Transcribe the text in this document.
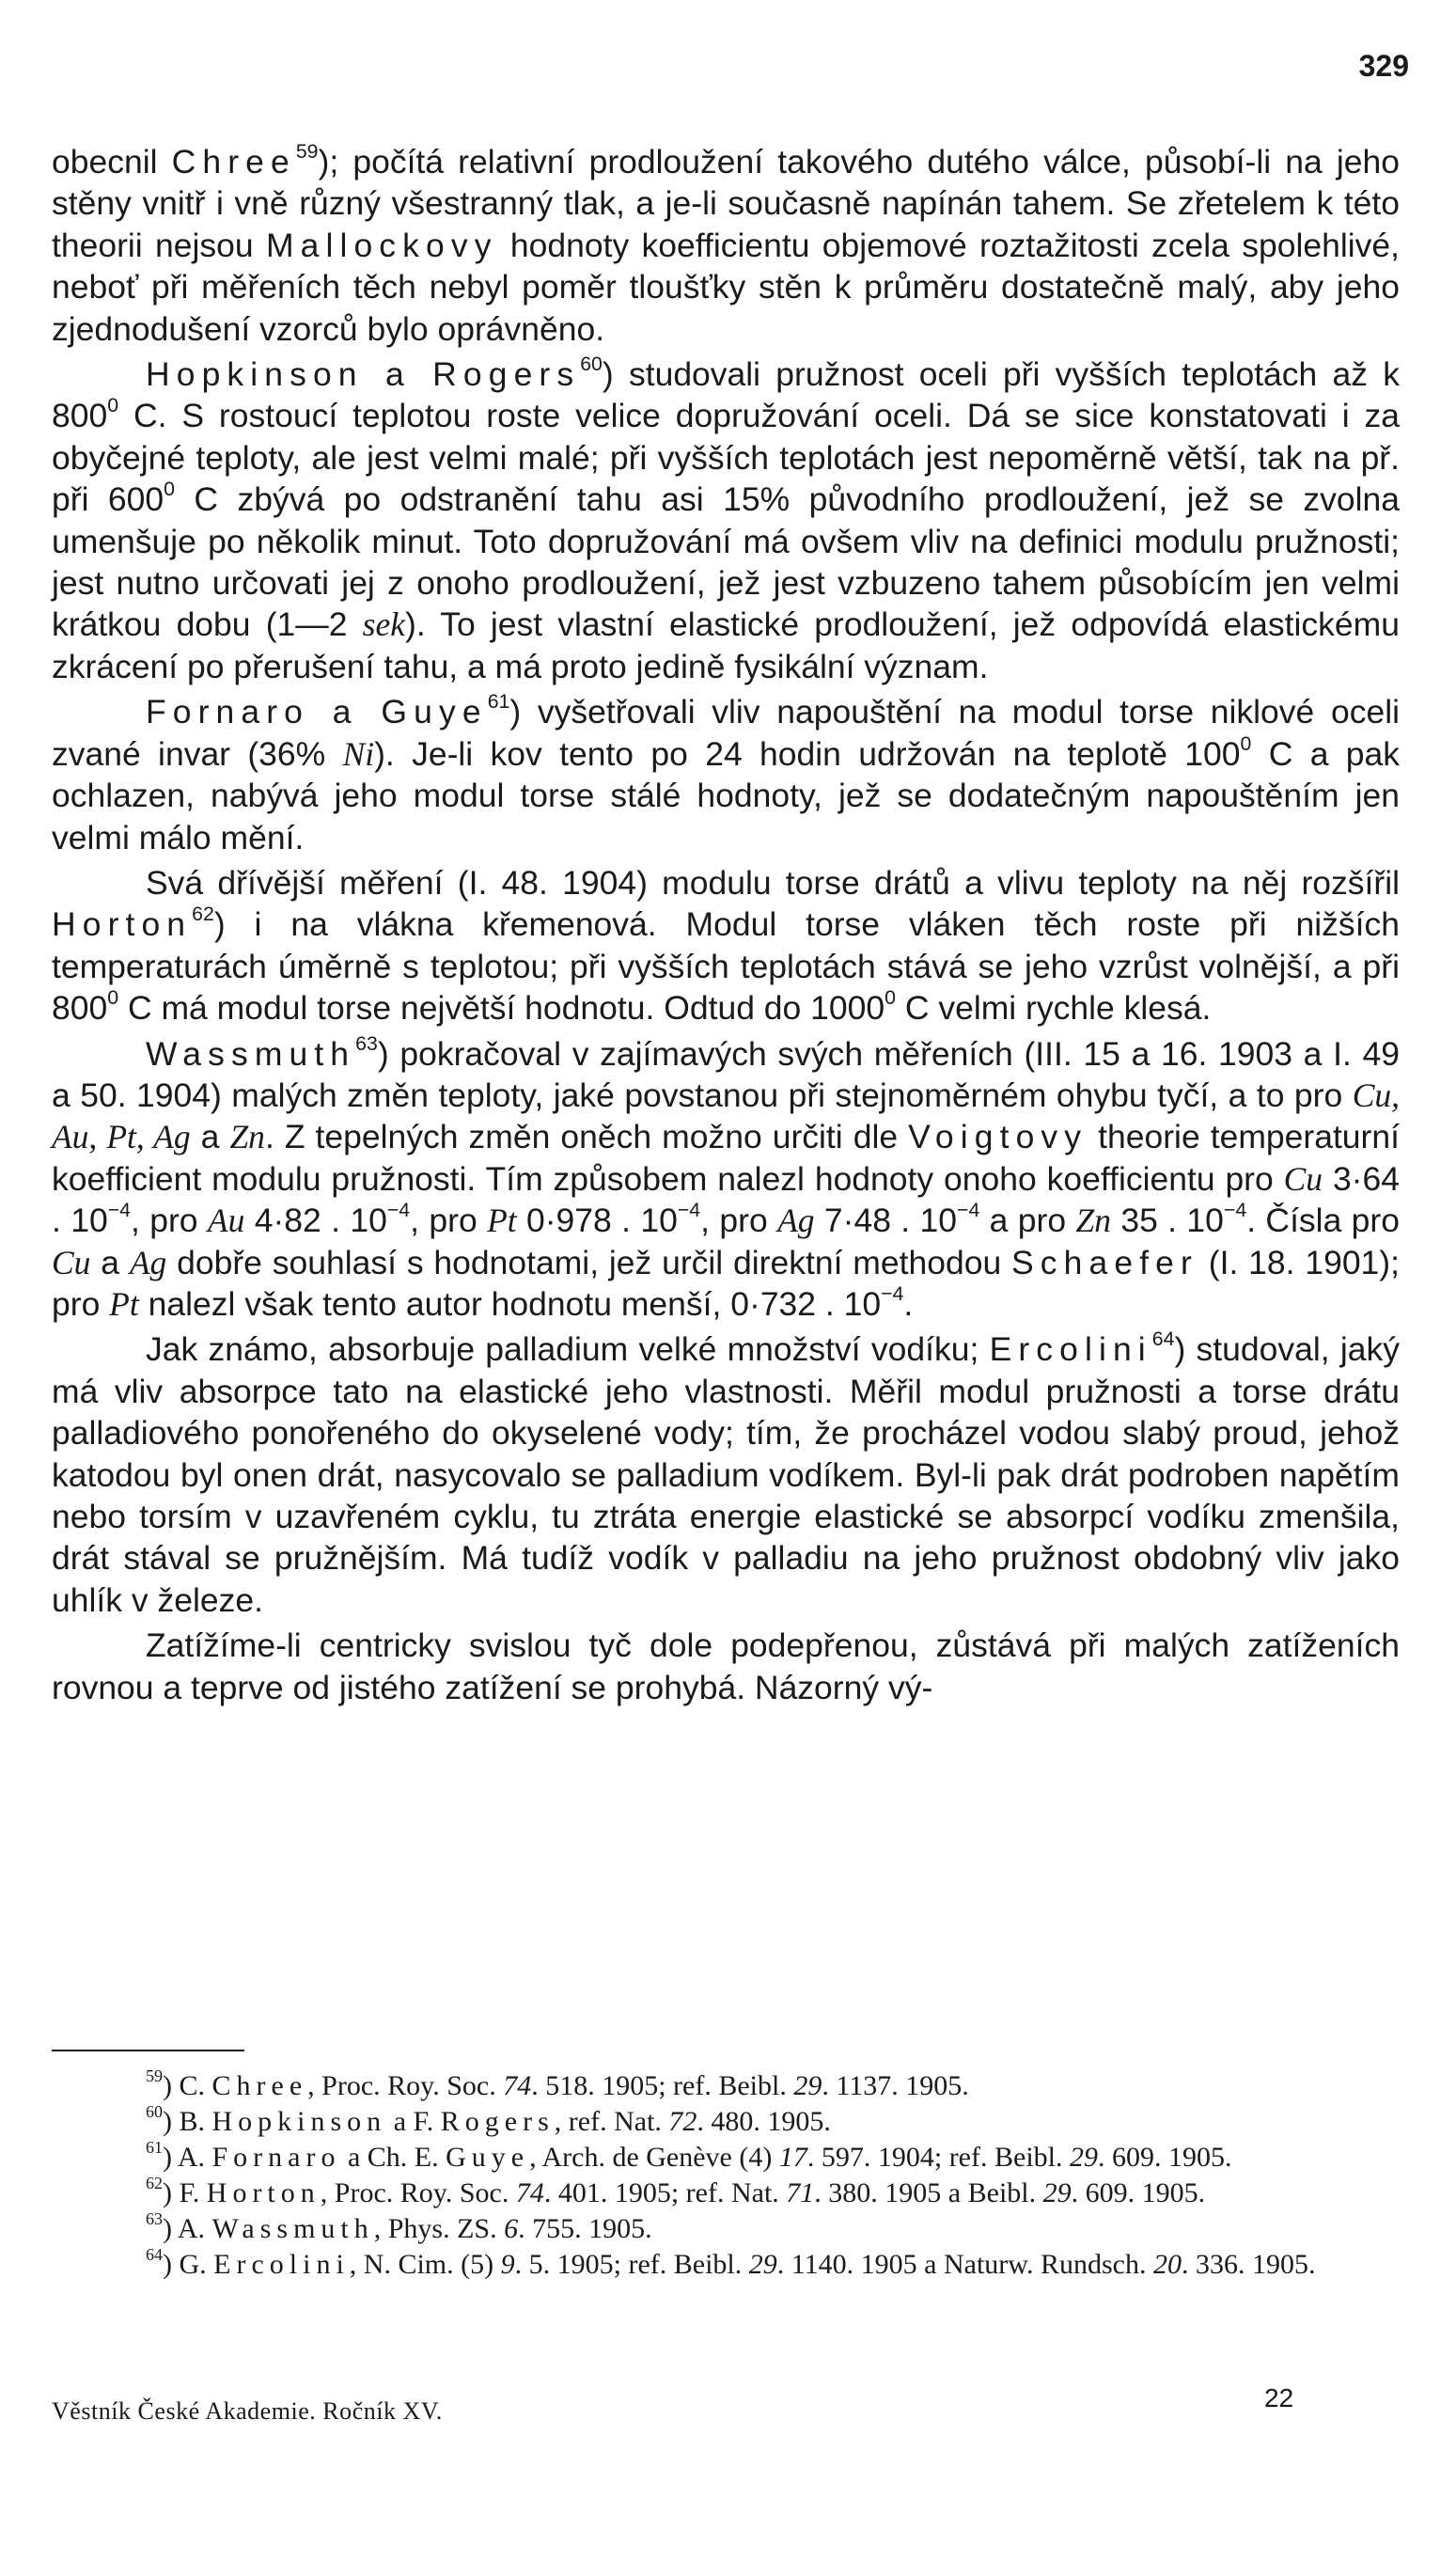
329

obecnil Chree$^{59}$); počítá relativní prodloužení takového dutého válce, působí-li na jeho stěny vnitř i vně různý všestranný tlak, a je-li současně napínán tahem. Se zřetelem k této theorii nejsou Mallockovy hodnoty koefficientu objemové roztažitosti zcela spolehlivé, neboť při měřeních těch nebyl poměr tloušťky stěn k průměru dostatečně malý, aby jeho zjednodušení vzorců bylo oprávněno.

Hopkinson a Rogers$^{60}$) studovali pružnost oceli při vyšších teplotách až k $800^0$ C. S rostoucí teplotou roste velice dopružování oceli. Dá se sice konstatovati i za obyčejné teploty, ale jest velmi malé; při vyšších teplotách jest nepoměrně větší, tak na př. při $600^0$ C zbývá po odstranění tahu asi 15% původního prodloužení, jež se zvolna umenšuje po několik minut. Toto dopružování má ovšem vliv na definici modulu pružnosti; jest nutno určovati jej z onoho prodloužení, jež jest vzbuzeno tahem působícím jen velmi krátkou dobu (1—2 sek). To jest vlastní elastické prodloužení, jež odpovídá elastickému zkrácení po přerušení tahu, a má proto jedině fysikální význam.

Fornaro a Guye$^{61}$) vyšetřovali vliv napouštění na modul torse niklové oceli zvané invar (36% Ni). Je-li kov tento po 24 hodin udržován na teplotě $100^0$ C a pak ochlazen, nabývá jeho modul torse stálé hodnoty, jež se dodatečným napouštěním jen velmi málo mění.

Svá dřívější měření (I. 48. 1904) modulu torse drátů a vlivu teploty na něj rozšířil Horton$^{62}$) i na vlákna křemenová. Modul torse vláken těch roste při nižších temperaturách úměrně s teplotou; při vyšších teplotách stává se jeho vzrůst volnější, a při $800^0$ C má modul torse největší hodnotu. Odtud do 1000$^0$ C velmi rychle klesá.

Wassmuth$^{63}$) pokračoval v zajímavých svých měřeních (III. 15 a 16. 1903 a I. 49 a 50. 1904) malých změn teploty, jaké povstanou při stejnoměrném ohybu tyčí, a to pro Cu, Au, Pt, Ag a Zn. Z tepelných změn oněch možno určiti dle Voigtovy theorie temperaturní koefficient modulu pružnosti. Tím způsobem nalezl hodnoty onoho koefficientu pro Cu 3·64 . $10^{-4}$, pro Au 4·82 . $10^{-4}$, pro Pt 0·978 . $10^{-4}$, pro Ag 7·48 . $10^{-4}$ a pro Zn 35 . $10^{-4}$. Čísla pro Cu a Ag dobře souhlasí s hodnotami, jež určil direktní methodou Schaefer (I. 18. 1901); pro Pt nalezl však tento autor hodnotu menší, 0·732 . $10^{-4}$.

Jak známo, absorbuje palladium velké množství vodíku; Ercolini$^{64}$) studoval, jaký má vliv absorpce tato na elastické jeho vlastnosti. Měřil modul pružnosti a torse drátu palladiového ponořeného do okyselené vody; tím, že procházel vodou slabý proud, jehož katodou byl onen drát, nasycovalo se palladium vodíkem. Byl-li pak drát podroben napětím nebo torsím v uzavřeném cyklu, tu ztráta energie elastické se absorpcí vodíku zmenšila, drát stával se pružnějším. Má tudíž vodík v palladiu na jeho pružnost obdobný vliv jako uhlík v železe.

Zatížíme-li centricky svislou tyč dole podepřenou, zůstává při malých zatíženích rovnou a teprve od jistého zatížení se prohybá. Názorný vý-

$^{59}$) C. Chree, Proc. Roy. Soc. 74. 518. 1905; ref. Beibl. 29. 1137. 1905.

$^{60}$) B. Hopkinson a F. Rogers, ref. Nat. 72. 480. 1905.

$^{61}$) A. Fornaro a Ch. E. Guye, Arch. de Genève (4) 17. 597. 1904; ref. Beibl. 29. 609. 1905.

$^{62}$) F. Horton, Proc. Roy. Soc. 74. 401. 1905; ref. Nat. 71. 380. 1905 a Beibl. 29. 609. 1905.

$^{63}$) A. Wassmuth, Phys. ZS. 6. 755. 1905.

$^{64}$) G. Ercolini, N. Cim. (5) 9. 5. 1905; ref. Beibl. 29. 1140. 1905 a Naturw. Rundsch. 20. 336. 1905.

Věstník České Akademie. Ročník XV.	22
